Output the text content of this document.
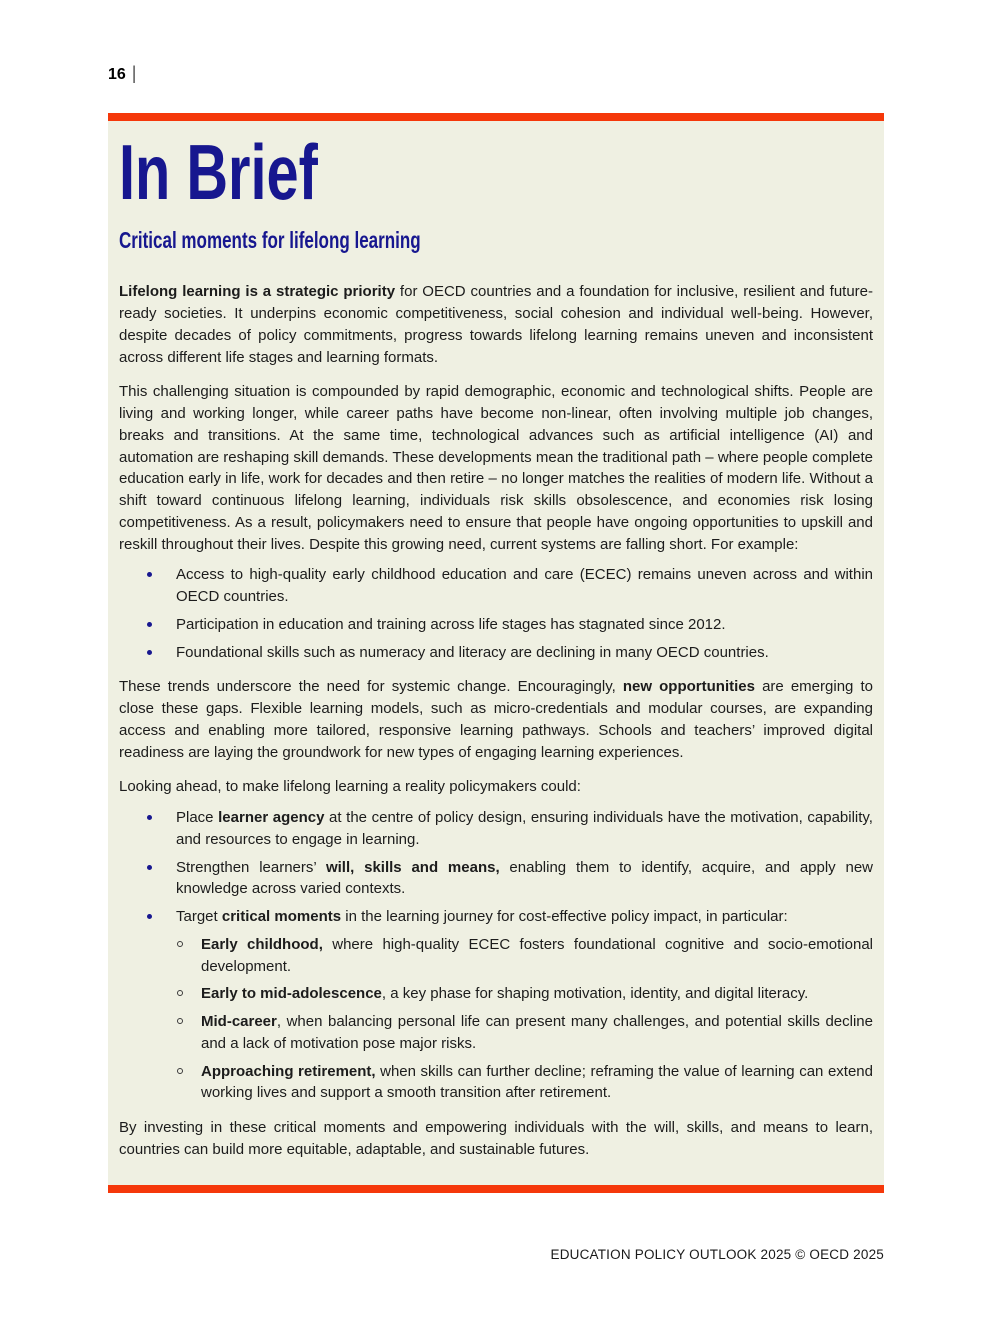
16 |
In Brief
Critical moments for lifelong learning

Lifelong learning is a strategic priority for OECD countries and a foundation for inclusive, resilient and future-ready societies. It underpins economic competitiveness, social cohesion and individual well-being. However, despite decades of policy commitments, progress towards lifelong learning remains uneven and inconsistent across different life stages and learning formats.

This challenging situation is compounded by rapid demographic, economic and technological shifts. People are living and working longer, while career paths have become non-linear, often involving multiple job changes, breaks and transitions. At the same time, technological advances such as artificial intelligence (AI) and automation are reshaping skill demands. These developments mean the traditional path – where people complete education early in life, work for decades and then retire – no longer matches the realities of modern life. Without a shift toward continuous lifelong learning, individuals risk skills obsolescence, and economies risk losing competitiveness. As a result, policymakers need to ensure that people have ongoing opportunities to upskill and reskill throughout their lives. Despite this growing need, current systems are falling short. For example:

Access to high-quality early childhood education and care (ECEC) remains uneven across and within OECD countries.
Participation in education and training across life stages has stagnated since 2012.
Foundational skills such as numeracy and literacy are declining in many OECD countries.

These trends underscore the need for systemic change. Encouragingly, new opportunities are emerging to close these gaps. Flexible learning models, such as micro-credentials and modular courses, are expanding access and enabling more tailored, responsive learning pathways. Schools and teachers’ improved digital readiness are laying the groundwork for new types of engaging learning experiences.

Looking ahead, to make lifelong learning a reality policymakers could:

Place learner agency at the centre of policy design, ensuring individuals have the motivation, capability, and resources to engage in learning.
Strengthen learners’ will, skills and means, enabling them to identify, acquire, and apply new knowledge across varied contexts.
Target critical moments in the learning journey for cost-effective policy impact, in particular:
Early childhood, where high-quality ECEC fosters foundational cognitive and socio-emotional development.
Early to mid-adolescence, a key phase for shaping motivation, identity, and digital literacy.
Mid-career, when balancing personal life can present many challenges, and potential skills decline and a lack of motivation pose major risks.
Approaching retirement, when skills can further decline; reframing the value of learning can extend working lives and support a smooth transition after retirement.

By investing in these critical moments and empowering individuals with the will, skills, and means to learn, countries can build more equitable, adaptable, and sustainable futures.

EDUCATION POLICY OUTLOOK 2025 © OECD 2025
